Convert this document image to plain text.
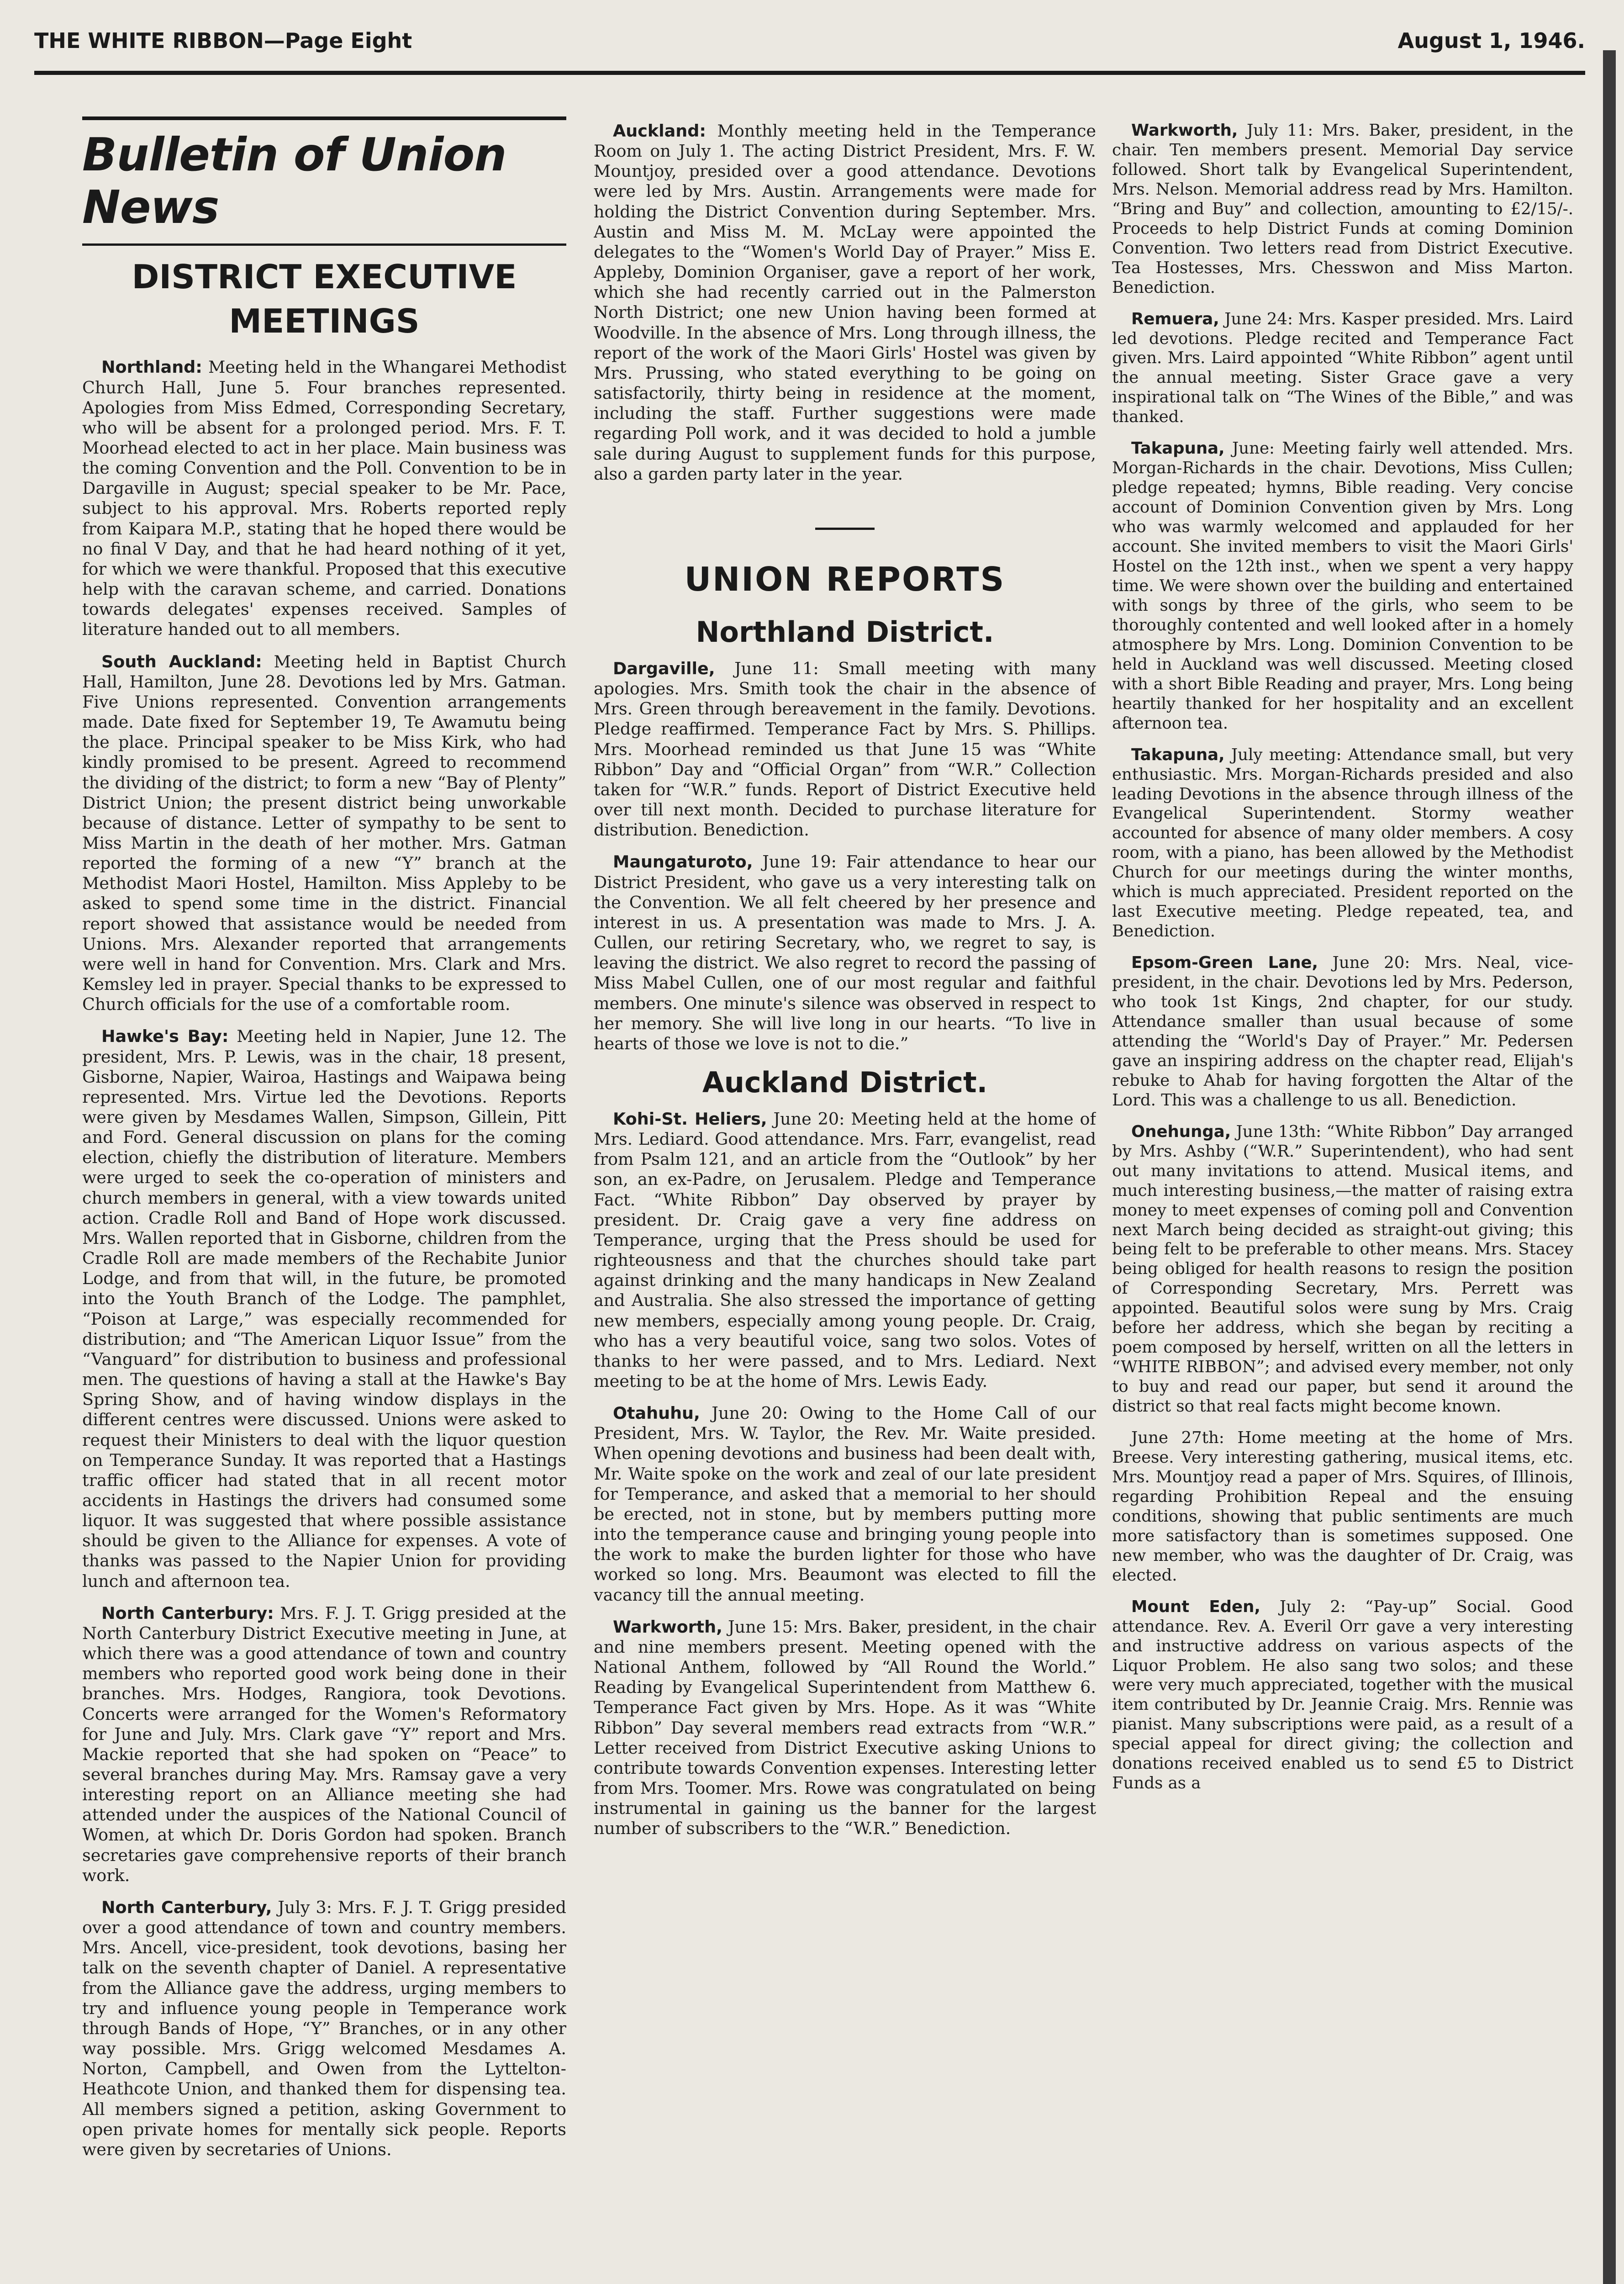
THE WHITE RIBBON—Page Eight	August 1, 1946.
Bulletin of Union News
DISTRICT EXECUTIVE MEETINGS

Northland: Meeting held in the Whangarei Methodist Church Hall, June 5. Four branches represented. Apologies from Miss Edmed, Corresponding Secretary, who will be absent for a prolonged period. Mrs. F. T. Moorhead elected to act in her place. Main business was the coming Convention and the Poll. Convention to be in Dargaville in August; special speaker to be Mr. Pace, subject to his approval. Mrs. Roberts reported reply from Kaipara M.P., stating that he hoped there would be no final V Day, and that he had heard nothing of it yet, for which we were thankful. Proposed that this executive help with the caravan scheme, and carried. Donations towards delegates' expenses received. Samples of literature handed out to all members.

South Auckland: Meeting held in Baptist Church Hall, Hamilton, June 28. Devotions led by Mrs. Gatman. Five Unions represented. Convention arrangements made. Date fixed for September 19, Te Awamutu being the place. Principal speaker to be Miss Kirk, who had kindly promised to be present. Agreed to recommend the dividing of the district; to form a new “Bay of Plenty” District Union; the present district being unworkable because of distance. Letter of sympathy to be sent to Miss Martin in the death of her mother. Mrs. Gatman reported the forming of a new “Y” branch at the Methodist Maori Hostel, Hamilton. Miss Appleby to be asked to spend some time in the district. Financial report showed that assistance would be needed from Unions. Mrs. Alexander reported that arrangements were well in hand for Convention. Mrs. Clark and Mrs. Kemsley led in prayer. Special thanks to be expressed to Church officials for the use of a comfortable room.

Hawke's Bay: Meeting held in Napier, June 12. The president, Mrs. P. Lewis, was in the chair, 18 present, Gisborne, Napier, Wairoa, Hastings and Waipawa being represented. Mrs. Virtue led the Devotions. Reports were given by Mesdames Wallen, Simpson, Gillein, Pitt and Ford. General discussion on plans for the coming election, chiefly the distribution of literature. Members were urged to seek the co-operation of ministers and church members in general, with a view towards united action. Cradle Roll and Band of Hope work discussed. Mrs. Wallen reported that in Gisborne, children from the Cradle Roll are made members of the Rechabite Junior Lodge, and from that will, in the future, be promoted into the Youth Branch of the Lodge. The pamphlet, “Poison at Large,” was especially recommended for distribution; and “The American Liquor Issue” from the “Vanguard” for distribution to business and professional men. The questions of having a stall at the Hawke's Bay Spring Show, and of having window displays in the different centres were discussed. Unions were asked to request their Ministers to deal with the liquor question on Temperance Sunday. It was reported that a Hastings traffic officer had stated that in all recent motor accidents in Hastings the drivers had consumed some liquor. It was suggested that where possible assistance should be given to the Alliance for expenses. A vote of thanks was passed to the Napier Union for providing lunch and afternoon tea.

North Canterbury: Mrs. F. J. T. Grigg presided at the North Canterbury District Executive meeting in June, at which there was a good attendance of town and country members who reported good work being done in their branches. Mrs. Hodges, Rangiora, took Devotions. Concerts were arranged for the Women's Reformatory for June and July. Mrs. Clark gave “Y” report and Mrs. Mackie reported that she had spoken on “Peace” to several branches during May. Mrs. Ramsay gave a very interesting report on an Alliance meeting she had attended under the auspices of the National Council of Women, at which Dr. Doris Gordon had spoken. Branch secretaries gave comprehensive reports of their branch work.

North Canterbury, July 3: Mrs. F. J. T. Grigg presided over a good attendance of town and country members. Mrs. Ancell, vice-president, took devotions, basing her talk on the seventh chapter of Daniel. A representative from the Alliance gave the address, urging members to try and influence young people in Temperance work through Bands of Hope, “Y” Branches, or in any other way possible. Mrs. Grigg welcomed Mesdames A. Norton, Campbell, and Owen from the Lyttelton-Heathcote Union, and thanked them for dispensing tea. All members signed a petition, asking Government to open private homes for mentally sick people. Reports were given by secretaries of Unions.

Auckland: Monthly meeting held in the Temperance Room on July 1. The acting District President, Mrs. F. W. Mountjoy, presided over a good attendance. Devotions were led by Mrs. Austin. Arrangements were made for holding the District Convention during September. Mrs. Austin and Miss M. M. McLay were appointed the delegates to the “Women's World Day of Prayer.” Miss E. Appleby, Dominion Organiser, gave a report of her work, which she had recently carried out in the Palmerston North District; one new Union having been formed at Woodville. In the absence of Mrs. Long through illness, the report of the work of the Maori Girls' Hostel was given by Mrs. Prussing, who stated everything to be going on satisfactorily, thirty being in residence at the moment, including the staff. Further suggestions were made regarding Poll work, and it was decided to hold a jumble sale during August to supplement funds for this purpose, also a garden party later in the year.

UNION REPORTS
Northland District.

Dargaville, June 11: Small meeting with many apologies. Mrs. Smith took the chair in the absence of Mrs. Green through bereavement in the family. Devotions. Pledge reaffirmed. Temperance Fact by Mrs. S. Phillips. Mrs. Moorhead reminded us that June 15 was “White Ribbon” Day and “Official Organ” from “W.R.” Collection taken for “W.R.” funds. Report of District Executive held over till next month. Decided to purchase literature for distribution. Benediction.

Maungaturoto, June 19: Fair attendance to hear our District President, who gave us a very interesting talk on the Convention. We all felt cheered by her presence and interest in us. A presentation was made to Mrs. J. A. Cullen, our retiring Secretary, who, we regret to say, is leaving the district. We also regret to record the passing of Miss Mabel Cullen, one of our most regular and faithful members. One minute's silence was observed in respect to her memory. She will live long in our hearts. “To live in hearts of those we love is not to die.”

Auckland District.

Kohi-St. Heliers, June 20: Meeting held at the home of Mrs. Lediard. Good attendance. Mrs. Farr, evangelist, read from Psalm 121, and an article from the “Outlook” by her son, an ex-Padre, on Jerusalem. Pledge and Temperance Fact. “White Ribbon” Day observed by prayer by president. Dr. Craig gave a very fine address on Temperance, urging that the Press should be used for righteousness and that the churches should take part against drinking and the many handicaps in New Zealand and Australia. She also stressed the importance of getting new members, especially among young people. Dr. Craig, who has a very beautiful voice, sang two solos. Votes of thanks to her were passed, and to Mrs. Lediard. Next meeting to be at the home of Mrs. Lewis Eady.

Otahuhu, June 20: Owing to the Home Call of our President, Mrs. W. Taylor, the Rev. Mr. Waite presided. When opening devotions and business had been dealt with, Mr. Waite spoke on the work and zeal of our late president for Temperance, and asked that a memorial to her should be erected, not in stone, but by members putting more into the temperance cause and bringing young people into the work to make the burden lighter for those who have worked so long. Mrs. Beaumont was elected to fill the vacancy till the annual meeting.

Warkworth, June 15: Mrs. Baker, president, in the chair and nine members present. Meeting opened with the National Anthem, followed by “All Round the World.” Reading by Evangelical Superintendent from Matthew 6. Temperance Fact given by Mrs. Hope. As it was “White Ribbon” Day several members read extracts from “W.R.” Letter received from District Executive asking Unions to contribute towards Convention expenses. Interesting letter from Mrs. Toomer. Mrs. Rowe was congratulated on being instrumental in gaining us the banner for the largest number of subscribers to the “W.R.” Benediction.

Warkworth, July 11: Mrs. Baker, president, in the chair. Ten members present. Memorial Day service followed. Short talk by Evangelical Superintendent, Mrs. Nelson. Memorial address read by Mrs. Hamilton. “Bring and Buy” and collection, amounting to £2/15/-. Proceeds to help District Funds at coming Dominion Convention. Two letters read from District Executive. Tea Hostesses, Mrs. Chesswon and Miss Marton. Benediction.

Remuera, June 24: Mrs. Kasper presided. Mrs. Laird led devotions. Pledge recited and Temperance Fact given. Mrs. Laird appointed “White Ribbon” agent until the annual meeting. Sister Grace gave a very inspirational talk on “The Wines of the Bible,” and was thanked.

Takapuna, June: Meeting fairly well attended. Mrs. Morgan-Richards in the chair. Devotions, Miss Cullen; pledge repeated; hymns, Bible reading. Very concise account of Dominion Convention given by Mrs. Long who was warmly welcomed and applauded for her account. She invited members to visit the Maori Girls' Hostel on the 12th inst., when we spent a very happy time. We were shown over the building and entertained with songs by three of the girls, who seem to be thoroughly contented and well looked after in a homely atmosphere by Mrs. Long. Dominion Convention to be held in Auckland was well discussed. Meeting closed with a short Bible Reading and prayer, Mrs. Long being heartily thanked for her hospitality and an excellent afternoon tea.

Takapuna, July meeting: Attendance small, but very enthusiastic. Mrs. Morgan-Richards presided and also leading Devotions in the absence through illness of the Evangelical Superintendent. Stormy weather accounted for absence of many older members. A cosy room, with a piano, has been allowed by the Methodist Church for our meetings during the winter months, which is much appreciated. President reported on the last Executive meeting. Pledge repeated, tea, and Benediction.

Epsom-Green Lane, June 20: Mrs. Neal, vice-president, in the chair. Devotions led by Mrs. Pederson, who took 1st Kings, 2nd chapter, for our study. Attendance smaller than usual because of some attending the “World's Day of Prayer.” Mr. Pedersen gave an inspiring address on the chapter read, Elijah's rebuke to Ahab for having forgotten the Altar of the Lord. This was a challenge to us all. Benediction.

Onehunga, June 13th: “White Ribbon” Day arranged by Mrs. Ashby (“W.R.” Superintendent), who had sent out many invitations to attend. Musical items, and much interesting business,—the matter of raising extra money to meet expenses of coming poll and Convention next March being decided as straight-out giving; this being felt to be preferable to other means. Mrs. Stacey being obliged for health reasons to resign the position of Corresponding Secretary, Mrs. Perrett was appointed. Beautiful solos were sung by Mrs. Craig before her address, which she began by reciting a poem composed by herself, written on all the letters in “WHITE RIBBON”; and advised every member, not only to buy and read our paper, but send it around the district so that real facts might become known.

June 27th: Home meeting at the home of Mrs. Breese. Very interesting gathering, musical items, etc. Mrs. Mountjoy read a paper of Mrs. Squires, of Illinois, regarding Prohibition Repeal and the ensuing conditions, showing that public sentiments are much more satisfactory than is sometimes supposed. One new member, who was the daughter of Dr. Craig, was elected.

Mount Eden, July 2: “Pay-up” Social. Good attendance. Rev. A. Everil Orr gave a very interesting and instructive address on various aspects of the Liquor Problem. He also sang two solos; and these were very much appreciated, together with the musical item contributed by Dr. Jeannie Craig. Mrs. Rennie was pianist. Many subscriptions were paid, as a result of a special appeal for direct giving; the collection and donations received enabled us to send £5 to District Funds as a
